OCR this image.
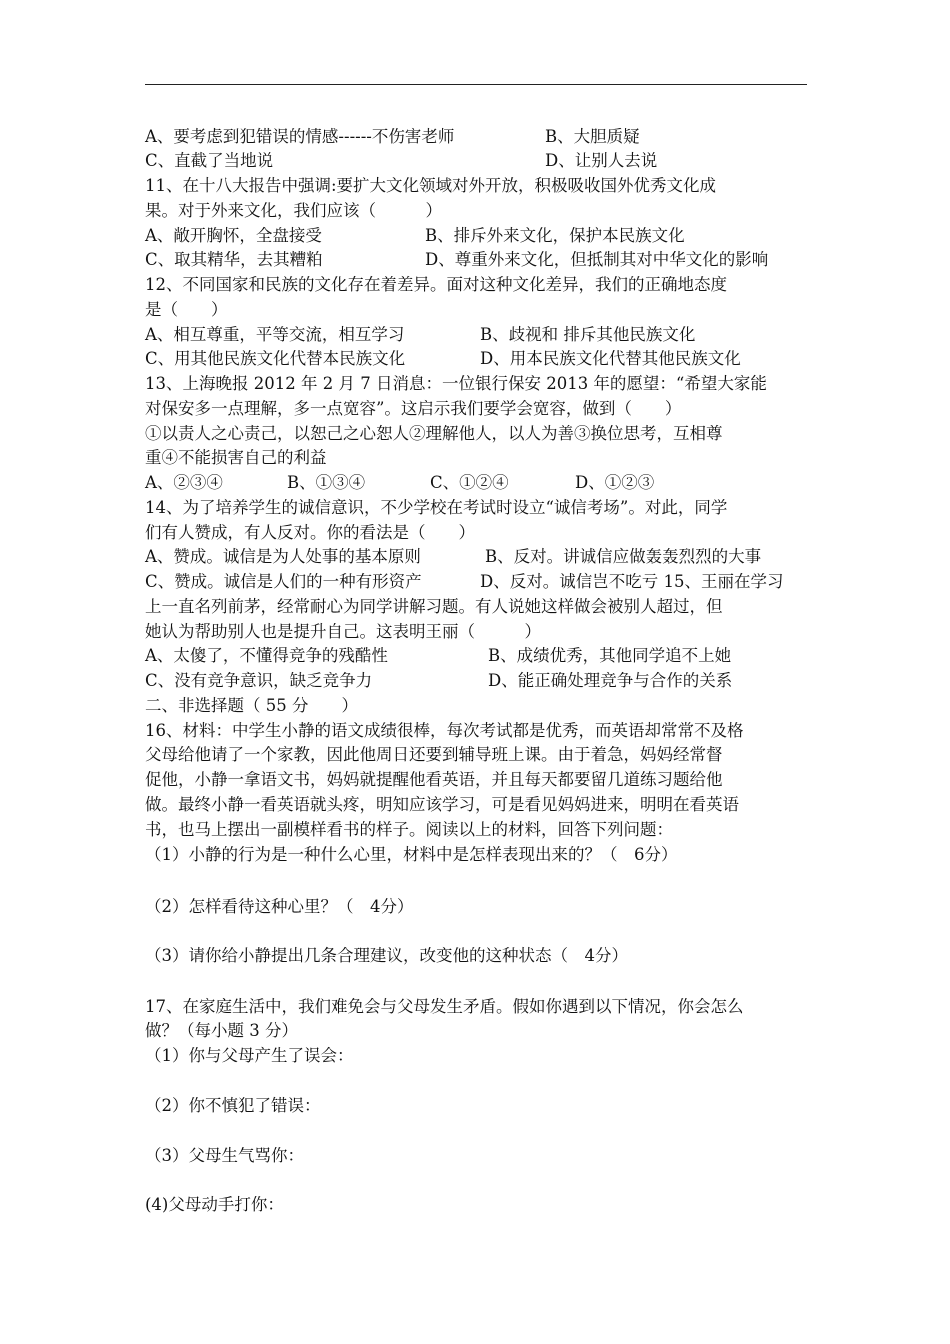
A、要考虑到犯错误的情感------不伤害老师	B、大胆质疑
C、直截了当地说	D、让别人去说
11、在十八大报告中强调:要扩大文化领域对外开放，积极吸收国外优秀文化成
果。对于外来文化，我们应该（　　　）
A、敞开胸怀，全盘接受	B、排斥外来文化，保护本民族文化
C、取其精华，去其糟粕	D、尊重外来文化，但抵制其对中华文化的影响
12、不同国家和民族的文化存在着差异。面对这种文化差异，我们的正确地态度
是（　　）
A、相互尊重，平等交流，相互学习	B、歧视和 排斥其他民族文化
C、用其他民族文化代替本民族文化	D、用本民族文化代替其他民族文化
13、上海晚报 2012 年 2 月 7 日消息：一位银行保安 2013 年的愿望：“希望大家能
对保安多一点理解，多一点宽容”。这启示我们要学会宽容，做到（　　）
①以责人之心责己，以恕己之心恕人②理解他人，以人为善③换位思考，互相尊
重④不能损害自己的利益
A、②③④	B、①③④	C、①②④	D、①②③
14、为了培养学生的诚信意识，不少学校在考试时设立“诚信考场”。对此，同学
们有人赞成，有人反对。你的看法是（　　）
A、赞成。诚信是为人处事的基本原则	B、反对。讲诚信应做轰轰烈烈的大事
C、赞成。诚信是人们的一种有形资产	D、反对。诚信岂不吃亏 15、王丽在学习
上一直名列前茅，经常耐心为同学讲解习题。有人说她这样做会被别人超过，但
她认为帮助别人也是提升自己。这表明王丽（　　　）
A、太傻了，不懂得竞争的残酷性	B、成绩优秀，其他同学追不上她
C、没有竞争意识，缺乏竞争力	D、能正确处理竞争与合作的关系
二、非选择题（ 55 分　　）
16、材料：中学生小静的语文成绩很棒，每次考试都是优秀，而英语却常常不及格
父母给他请了一个家教，因此他周日还要到辅导班上课。由于着急，妈妈经常督
促他，小静一拿语文书，妈妈就提醒他看英语，并且每天都要留几道练习题给他
做。最终小静一看英语就头疼，明知应该学习，可是看见妈妈进来，明明在看英语
书，也马上摆出一副模样看书的样子。阅读以上的材料，回答下列问题：
（1）小静的行为是一种什么心里，材料中是怎样表现出来的？（　6分）
（2）怎样看待这种心里？（　4分）
（3）请你给小静提出几条合理建议，改变他的这种状态（　4分）
17、在家庭生活中，我们难免会与父母发生矛盾。假如你遇到以下情况，你会怎么
做？（每小题 3 分）
（1）你与父母产生了误会：
（2）你不慎犯了错误：
（3）父母生气骂你：
(4)父母动手打你：
